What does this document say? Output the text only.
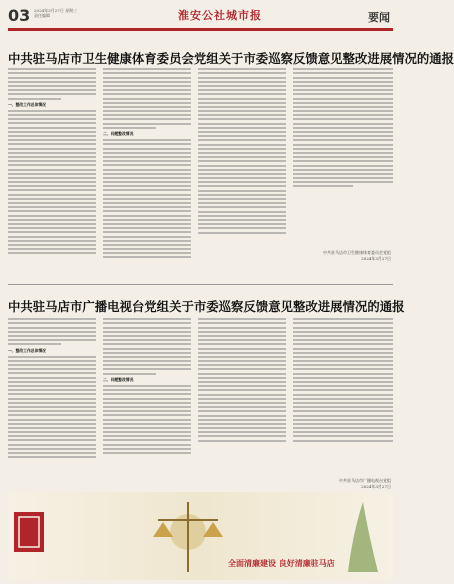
03 2024年3月27日 星期三
责任编辑	淮安公社城市报	要闻
中共驻马店市卫生健康体育委员会党组关于市委巡察反馈意见整改进展情况的通报
一、整改工作总体情况
二、问题整改情况
中共驻马店市卫生健康体育委员会党组
2024年3月27日
中共驻马店市广播电视台党组关于市委巡察反馈意见整改进展情况的通报
一、整改工作总体情况
二、问题整改情况
中共驻马店市广播电视台党组
2024年3月27日
全面清廉建设 良好清廉驻马店
